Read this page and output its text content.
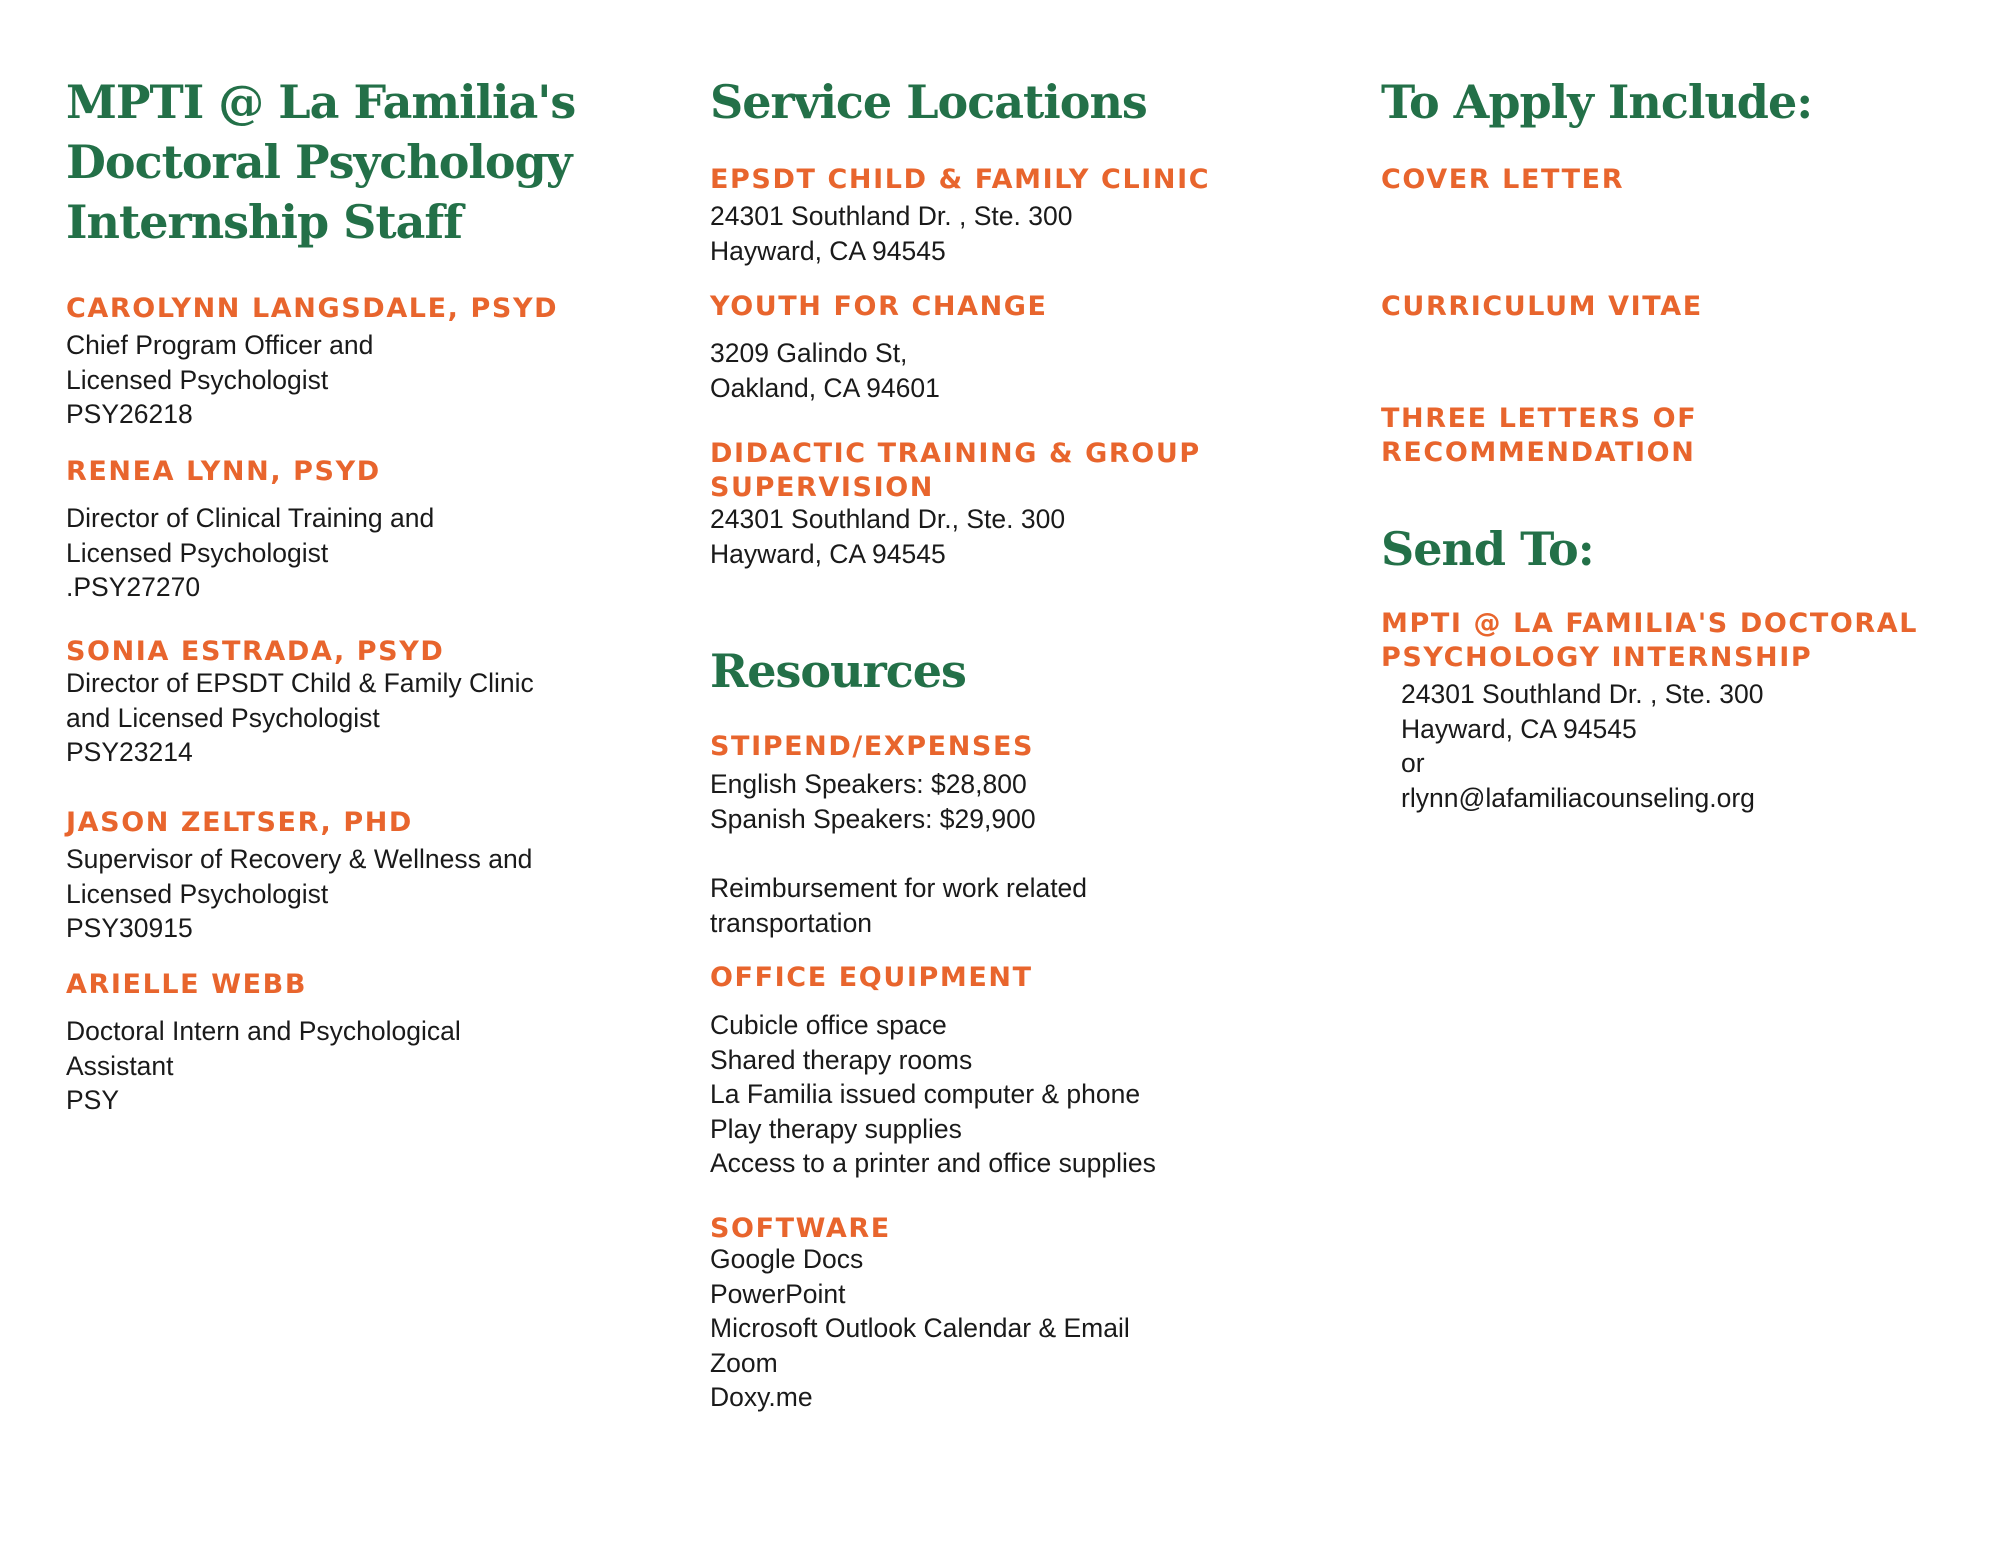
MPTI @ La Familia's
Doctoral Psychology
Internship Staff
CAROLYNN LANGSDALE, PSYD
Chief Program Officer and
Licensed Psychologist
PSY26218
RENEA LYNN, PSYD
Director of Clinical Training and
Licensed Psychologist
.PSY27270
SONIA ESTRADA, PSYD
Director of EPSDT Child & Family Clinic
and Licensed Psychologist
PSY23214
JASON ZELTSER, PHD
Supervisor of Recovery & Wellness and
Licensed Psychologist
PSY30915
ARIELLE WEBB
Doctoral Intern and Psychological
Assistant
PSY
Service Locations
EPSDT CHILD & FAMILY CLINIC
24301 Southland Dr. , Ste. 300
Hayward, CA 94545
YOUTH FOR CHANGE
3209 Galindo St,
Oakland, CA 94601
DIDACTIC TRAINING & GROUP
SUPERVISION
24301 Southland Dr., Ste. 300
Hayward, CA 94545
Resources
STIPEND/EXPENSES
English Speakers: $28,800
Spanish Speakers: $29,900
Reimbursement for work related
transportation
OFFICE EQUIPMENT
Cubicle office space
Shared therapy rooms
La Familia issued computer & phone
Play therapy supplies
Access to a printer and office supplies
SOFTWARE
Google Docs
PowerPoint
Microsoft Outlook Calendar & Email
Zoom
Doxy.me
To Apply Include:
COVER LETTER
CURRICULUM VITAE
THREE LETTERS OF
RECOMMENDATION
Send To:
MPTI @ LA FAMILIA'S DOCTORAL
PSYCHOLOGY INTERNSHIP
24301 Southland Dr. , Ste. 300
Hayward, CA 94545
or
rlynn@lafamiliacounseling.org
